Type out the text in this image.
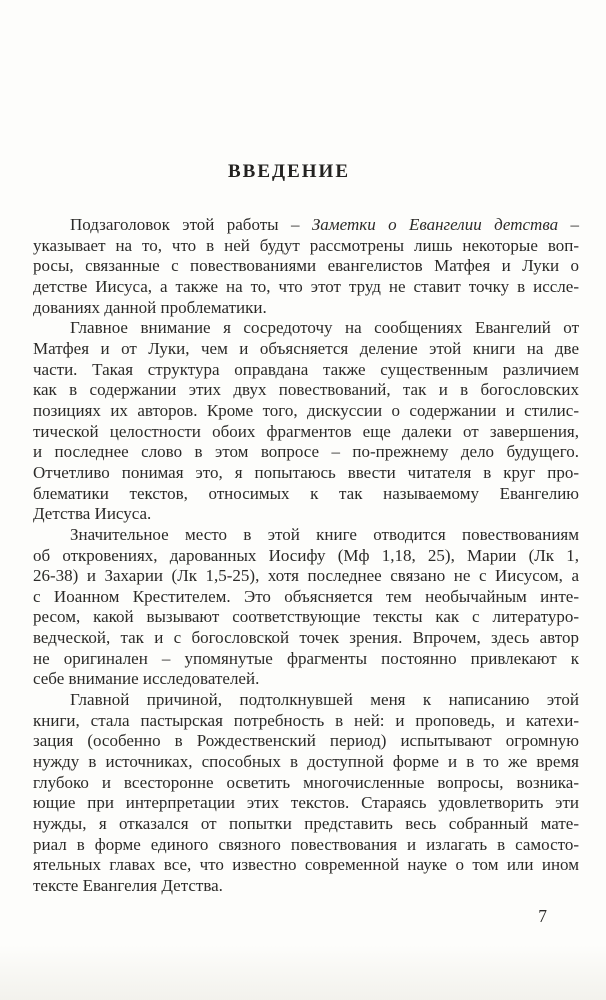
ВВЕДЕНИЕ
Подзаголовок этой работы – Заметки о Евангелии детства –
указывает на то, что в ней будут рассмотрены лишь некоторые воп-
росы, связанные с повествованиями евангелистов Матфея и Луки о
детстве Иисуса, а также на то, что этот труд не ставит точку в иссле-
дованиях данной проблематики.
Главное внимание я сосредоточу на сообщениях Евангелий от
Матфея и от Луки, чем и объясняется деление этой книги на две
части. Такая структура оправдана также существенным различием
как в содержании этих двух повествований, так и в богословских
позициях их авторов. Кроме того, дискуссии о содержании и стилис-
тической целостности обоих фрагментов еще далеки от завершения,
и последнее слово в этом вопросе – по-прежнему дело будущего.
Отчетливо понимая это, я попытаюсь ввести читателя в круг про-
блематики текстов, относимых к так называемому Евангелию
Детства Иисуса.
Значительное место в этой книге отводится повествованиям
об откровениях, дарованных Иосифу (Мф 1,18, 25), Марии (Лк 1,
26-38) и Захарии (Лк 1,5-25), хотя последнее связано не с Иисусом, а
с Иоанном Крестителем. Это объясняется тем необычайным инте-
ресом, какой вызывают соответствующие тексты как с литературо-
ведческой, так и с богословской точек зрения. Впрочем, здесь автор
не оригинален – упомянутые фрагменты постоянно привлекают к
себе внимание исследователей.
Главной причиной, подтолкнувшей меня к написанию этой
книги, стала пастырская потребность в ней: и проповедь, и катехи-
зация (особенно в Рождественский период) испытывают огромную
нужду в источниках, способных в доступной форме и в то же время
глубоко и всесторонне осветить многочисленные вопросы, возника-
ющие при интерпретации этих текстов. Стараясь удовлетворить эти
нужды, я отказался от попытки представить весь собранный мате-
риал в форме единого связного повествования и излагать в самосто-
ятельных главах все, что известно современной науке о том или ином
тексте Евангелия Детства.
7
